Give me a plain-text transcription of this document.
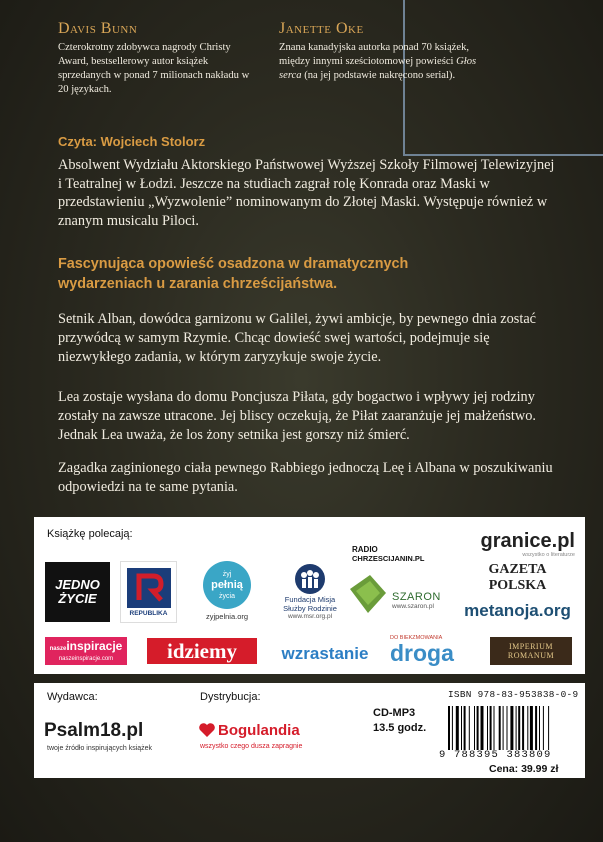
Davis Bunn
Czterokrotny zdobywca nagrody Christy Award, bestsellerowy autor książek sprzedanych w ponad 7 milionach nakładu w 20 językach.
Janette Oke
Znana kanadyjska autorka ponad 70 książek, między innymi sześciotomowej powieści Głos serca (na jej podstawie nakręcono serial).
Czyta: Wojciech Stolorz
Absolwent Wydziału Aktorskiego Państwowej Wyższej Szkoły Filmowej Telewizyjnej i Teatralnej w Łodzi. Jeszcze na studiach zagrał rolę Konrada oraz Maski w przedstawieniu „Wyzwolenie” nominowanym do Złotej Maski. Występuje również w znanym musicalu Piloci.
Fascynująca opowieść osadzona w dramatycznych wydarzeniach u zarania chrześcijaństwa.
Setnik Alban, dowódca garnizonu w Galilei, żywi ambicje, by pewnego dnia zostać przywódcą w samym Rzymie. Chcąc dowieść swej wartości, podejmuje się niezwykłego zadania, w którym zaryzykuje swoje życie.
Lea zostaje wysłana do domu Poncjusza Piłata, gdy bogactwo i wpływy jej rodziny zostały na zawsze utracone. Jej bliscy oczekują, że Piłat zaaranżuje jej małżeństwo. Jednak Lea uważa, że los żony setnika jest gorszy niż śmierć.
Zagadka zaginionego ciała pewnego Rabbiego jednoczą Leę i Albana w poszukiwaniu odpowiedzi na te same pytania.
Książkę polecają:
JEDNO ŻYCIE
REPUBLIKA
żyj
pełnią
życia
zyjpelnia.org
Fundacja Misja
Służby Rodzinie
www.msr.org.pl
RADIO
CHRZESCIJANIN.PL
SZARON
www.szaron.pl
granice.pl
wszystko o literaturze
GAZETA POLSKA
metanoja.org
naszeinspiracje
naszeinspiracje.com	idziemy	wzrastanie
DO BIEKZMOWANIA
droga	IMPERIUM
ROMANUM
Wydawca:
Psalm18.pl
twoje źródło inspirujących książek
Dystrybucja:
Bogulandia
wszystko czego dusza zapragnie
CD-MP3
13.5 godz.
ISBN 978-83-953838-0-9
9 788395 383809
Cena: 39.99 zł
